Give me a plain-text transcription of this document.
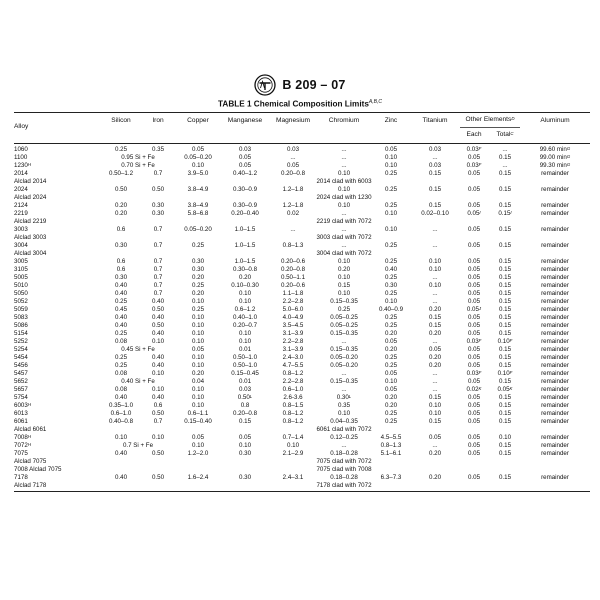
B 209 – 07
TABLE 1 Chemical Composition Limits$^{A,B,C}$
Alloy
Silicon	Iron	Copper	Manganese	Magnesium	Chromium	Zinc	Titanium	Other Elements$^D$
Each	Total$^C$
Aluminum
1060	0.25	0.35	0.05	0.03	0.03	...	0.05	0.03	0.03$^F$	...	99.60 min$^G$
1100	0.95 Si + Fe	0.05–0.20	0.05	...	...	0.10	...	0.05	0.15	99.00 min$^G$
1230$^H$	0.70 Si + Fe	0.10	0.05	0.05	...	0.10	0.03	0.03$^F$	...	99.30 min$^G$
2014	0.50–1.2	0.7	3.9–5.0	0.40–1.2	0.20–0.8	0.10	0.25	0.15	0.05	0.15	remainder
Alclad 2014	2014 clad with 6003
2024	0.50	0.50	3.8–4.9	0.30–0.9	1.2–1.8	0.10	0.25	0.15	0.05	0.15	remainder
Alclad 2024	2024 clad with 1230
2124	0.20	0.30	3.8–4.9	0.30–0.9	1.2–1.8	0.10	0.25	0.15	0.05	0.15	remainder
2219	0.20	0.30	5.8–6.8	0.20–0.40	0.02	...	0.10	0.02–0.10	0.05$^I$	0.15$^I$	remainder
Alclad 2219	2219 clad with 7072
3003	0.6	0.7	0.05–0.20	1.0–1.5	...	...	0.10	...	0.05	0.15	remainder
Alclad 3003	3003 clad with 7072
3004	0.30	0.7	0.25	1.0–1.5	0.8–1.3	...	0.25	...	0.05	0.15	remainder
Alclad 3004	3004 clad with 7072
3005	0.6	0.7	0.30	1.0–1.5	0.20–0.6	0.10	0.25	0.10	0.05	0.15	remainder
3105	0.6	0.7	0.30	0.30–0.8	0.20–0.8	0.20	0.40	0.10	0.05	0.15	remainder
5005	0.30	0.7	0.20	0.20	0.50–1.1	0.10	0.25	...	0.05	0.15	remainder
5010	0.40	0.7	0.25	0.10–0.30	0.20–0.6	0.15	0.30	0.10	0.05	0.15	remainder
5050	0.40	0.7	0.20	0.10	1.1–1.8	0.10	0.25	...	0.05	0.15	remainder
5052	0.25	0.40	0.10	0.10	2.2–2.8	0.15–0.35	0.10	...	0.05	0.15	remainder
5059	0.45	0.50	0.25	0.6–1.2	5.0–6.0	0.25	0.40–0.9	0.20	0.05$^J$	0.15	remainder
5083	0.40	0.40	0.10	0.40–1.0	4.0–4.9	0.05–0.25	0.25	0.15	0.05	0.15	remainder
5086	0.40	0.50	0.10	0.20–0.7	3.5–4.5	0.05–0.25	0.25	0.15	0.05	0.15	remainder
5154	0.25	0.40	0.10	0.10	3.1–3.9	0.15–0.35	0.20	0.20	0.05	0.15	remainder
5252	0.08	0.10	0.10	0.10	2.2–2.8	...	0.05	...	0.03$^F$	0.10$^F$	remainder
5254	0.45 Si + Fe	0.05	0.01	3.1–3.9	0.15–0.35	0.20	0.05	0.05	0.15	remainder
5454	0.25	0.40	0.10	0.50–1.0	2.4–3.0	0.05–0.20	0.25	0.20	0.05	0.15	remainder
5456	0.25	0.40	0.10	0.50–1.0	4.7–5.5	0.05–0.20	0.25	0.20	0.05	0.15	remainder
5457	0.08	0.10	0.20	0.15–0.45	0.8–1.2	...	0.05	...	0.03$^F$	0.10$^F$	remainder
5652	0.40 Si + Fe	0.04	0.01	2.2–2.8	0.15–0.35	0.10	...	0.05	0.15	remainder
5657	0.08	0.10	0.10	0.03	0.6–1.0	...	0.05	...	0.02$^K$	0.05$^K$	remainder
5754	0.40	0.40	0.10	0.50$^L$	2.6-3.6	0.30$^L$	0.20	0.15	0.05	0.15	remainder
6003$^H$	0.35–1.0	0.6	0.10	0.8	0.8–1.5	0.35	0.20	0.10	0.05	0.15	remainder
6013	0.6–1.0	0.50	0.6–1.1	0.20–0.8	0.8–1.2	0.10	0.25	0.10	0.05	0.15	remainder
6061	0.40–0.8	0.7	0.15–0.40	0.15	0.8–1.2	0.04–0.35	0.25	0.15	0.05	0.15	remainder
Alclad 6061	6061 clad with 7072
7008$^H$	0.10	0.10	0.05	0.05	0.7–1.4	0.12–0.25	4.5–5.5	0.05	0.05	0.10	remainder
7072$^H$	0.7 Si + Fe	0.10	0.10	0.10	...	0.8–1.3	...	0.05	0.15	remainder
7075	0.40	0.50	1.2–2.0	0.30	2.1–2.9	0.18–0.28	5.1–6.1	0.20	0.05	0.15	remainder
Alclad 7075	7075 clad with 7072
7008 Alclad 7075	7075 clad with 7008
7178	0.40	0.50	1.6–2.4	0.30	2.4–3.1	0.18–0.28	6.3–7.3	0.20	0.05	0.15	remainder
Alclad 7178	7178 clad with 7072
